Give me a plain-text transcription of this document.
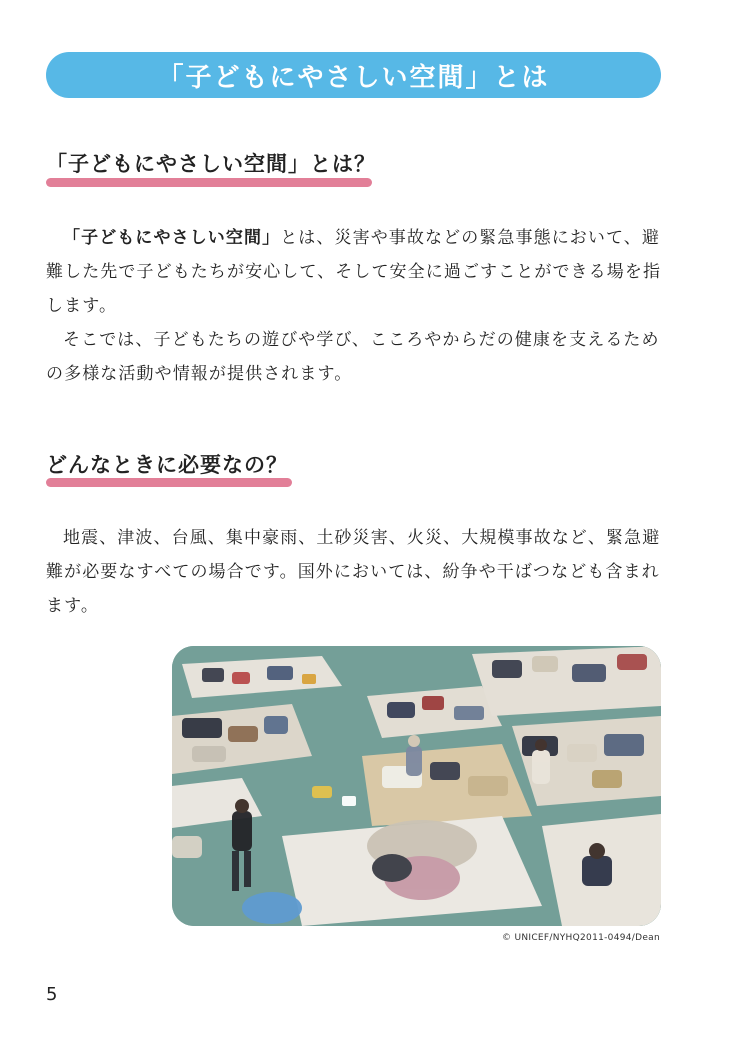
「子どもにやさしい空間」とは
「子どもにやさしい空間」とは？

「子どもにやさしい空間」とは、災害や事故などの緊急事態において、避難した先で子どもたちが安心して、そして安全に過ごすことができる場を指します。

そこでは、子どもたちの遊びや学び、こころやからだの健康を支えるための多様な活動や情報が提供されます。

どんなときに必要なの？

地震、津波、台風、集中豪雨、土砂災害、火災、大規模事故など、緊急避難が必要なすべての場合です。国外においては、紛争や干ばつなども含まれます。

© UNICEF/NYHQ2011-0494/Dean
5
